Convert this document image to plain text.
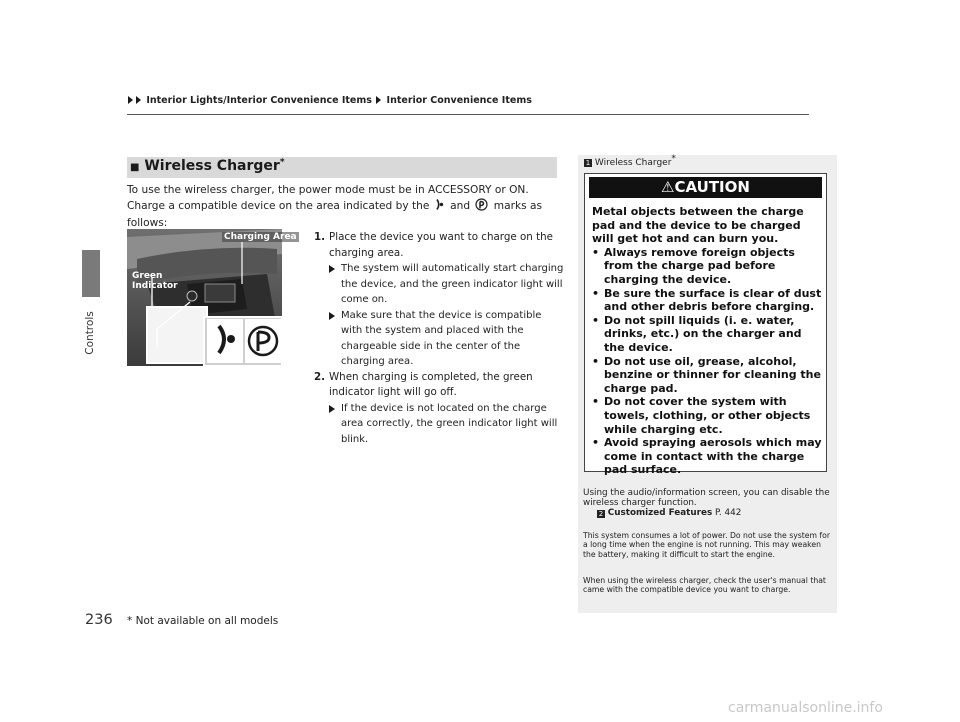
Interior Lights/Interior Convenience Items Interior Convenience Items
Controls
■ Wireless Charger*
To use the wireless charger, the power mode must be in ACCESSORY or ON.
Charge a compatible device on the area indicated by the and marks as
follows:
Charging Area
Green
Indicator
1. Place the device you want to charge on the charging area.
The system will automatically start charging the device, and the green indicator light will come on.
Make sure that the device is compatible with the system and placed with the chargeable side in the center of the charging area.
2. When charging is completed, the green indicator light will go off.
If the device is not located on the charge area correctly, the green indicator light will blink.
1 Wireless Charger*
⚠CAUTION
Metal objects between the charge pad and the device to be charged will get hot and can burn you.
• Always remove foreign objects from the charge pad before charging the device.
• Be sure the surface is clear of dust and other debris before charging.
• Do not spill liquids (i. e. water, drinks, etc.) on the charger and the device.
• Do not use oil, grease, alcohol, benzine or thinner for cleaning the charge pad.
• Do not cover the system with towels, clothing, or other objects while charging etc.
• Avoid spraying aerosols which may come in contact with the charge pad surface.
Using the audio/information screen, you can disable the wireless charger function.
2 Customized Features P. 442
This system consumes a lot of power. Do not use the system for a long time when the engine is not running. This may weaken the battery, making it difficult to start the engine.
When using the wireless charger, check the user's manual that came with the compatible device you want to charge.
236 * Not available on all models
carmanualsonline.info
